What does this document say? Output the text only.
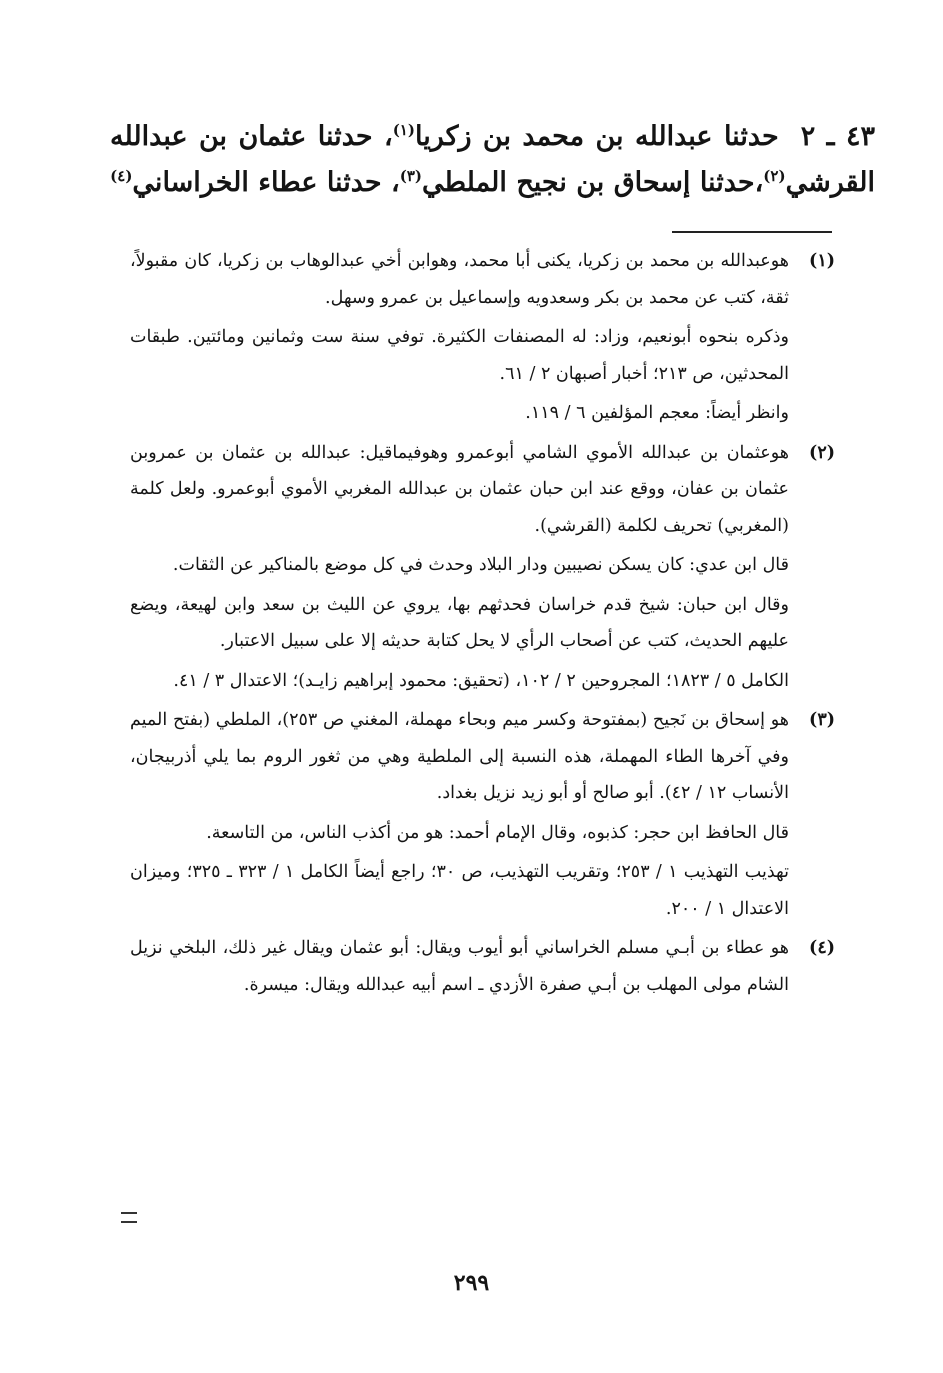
٤٣ ـ ٢حدثنا عبدالله بن محمد بن زكريا$^{(١)}$، حدثنا عثمان بن عبدالله القرشي$^{(٢)}$،حدثنا إسحاق بن نجيح الملطي$^{(٣)}$، حدثنا عطاء الخراساني$^{(٤)}$
(١)

هوعبدالله بن محمد بن زكريا، يكنى أبا محمد، وهوابن أخي عبدالوهاب بن زكريا، كان مقبولاً، ثقة، كتب عن محمد بن بكر وسعدويه وإسماعيل بن عمرو وسهل.

وذكره بنحوه أبونعيم، وزاد: له المصنفات الكثيرة. توفي سنة ست وثمانين ومائتين. طبقات المحدثين، ص ٢١٣؛ أخبار أصبهان ٢ / ٦١.

وانظر أيضاً: معجم المؤلفين ٦ / ١١٩.

(٢)

هوعثمان بن عبدالله الأموي الشامي أبوعمرو وهوفيماقيل: عبدالله بن عثمان بن عمروبن عثمان بن عفان، ووقع عند ابن حبان عثمان بن عبدالله المغربي الأموي أبوعمرو. ولعل كلمة (المغربي) تحريف لكلمة (القرشي).

قال ابن عدي: كان يسكن نصيبين ودار البلاد وحدث في كل موضع بالمناكير عن الثقات.

وقال ابن حبان: شيخ قدم خراسان فحدثهم بها، يروي عن الليث بن سعد وابن لهيعة، ويضع عليهم الحديث، كتب عن أصحاب الرأي لا يحل كتابة حديثه إلا على سبيل الاعتبار.

الكامل ٥ / ١٨٢٣؛ المجروحين ٢ / ١٠٢، (تحقيق: محمود إبراهيم زايـد)؛ الاعتدال ٣ / ٤١.

(٣)

هو إسحاق بن نَجيح (بمفتوحة وكسر ميم وبحاء مهملة، المغني ص ٢٥٣)، الملطي (بفتح الميم وفي آخرها الطاء المهملة، هذه النسبة إلى الملطية وهي من ثغور الروم بما يلي أذربيجان، الأنساب ١٢ / ٤٢). أبو صالح أو أبو زيد نزيل بغداد.

قال الحافظ ابن حجر: كذبوه، وقال الإمام أحمد: هو من أكذب الناس، من التاسعة.

تهذيب التهذيب ١ / ٢٥٣؛ وتقريب التهذيب، ص ٣٠؛ راجع أيضاً الكامل ١ / ٣٢٣ ـ ٣٢٥؛ وميزان الاعتدال ١ / ٢٠٠.

(٤)

هو عطاء بن أبـي مسلم الخراساني أبو أيوب ويقال: أبو عثمان ويقال غير ذلك، البلخي نزيل الشام مولى المهلب بن أبـي صفرة الأزدي ـ اسم أبيه عبدالله ويقال: ميسرة.

٢٩٩
